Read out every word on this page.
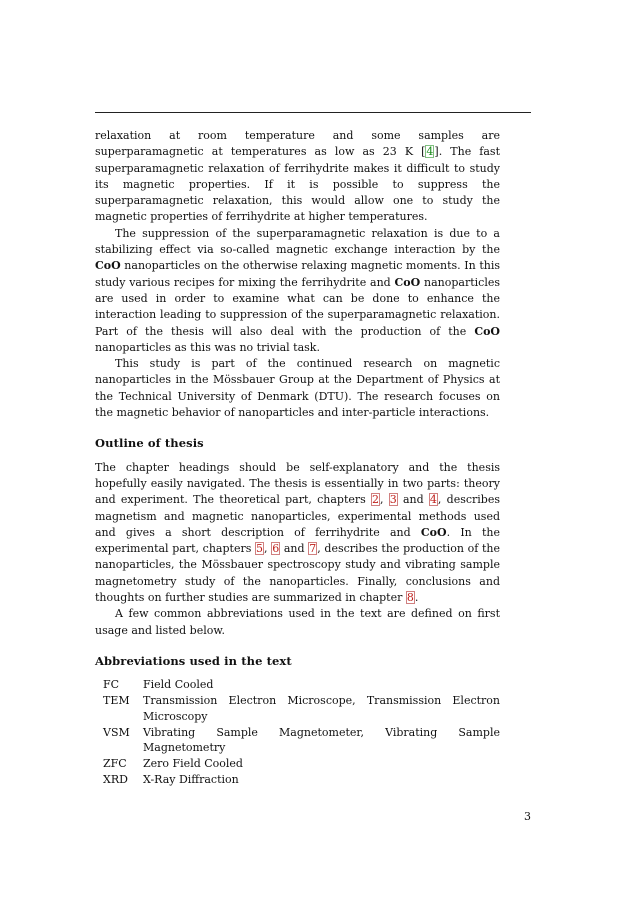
relaxation at room temperature and some samples are superparamagnetic at temperatures as low as 23 K [4]. The fast superparamagnetic relaxation of ferrihydrite makes it difficult to study its magnetic properties. If it is possible to suppress the superparamagnetic relaxation, this would allow one to study the magnetic properties of ferrihydrite at higher temperatures.

The suppression of the superparamagnetic relaxation is due to a stabilizing effect via so-called magnetic exchange interaction by the CoO nanoparticles on the otherwise relaxing magnetic moments. In this study various recipes for mixing the ferrihydrite and CoO nanoparticles are used in order to examine what can be done to enhance the interaction leading to suppression of the superparamagnetic relaxation. Part of the thesis will also deal with the production of the CoO nanoparticles as this was no trivial task.

This study is part of the continued research on magnetic nanoparticles in the Mössbauer Group at the Department of Physics at the Technical University of Denmark (DTU). The research focuses on the magnetic behavior of nanoparticles and inter-particle interactions.

Outline of thesis

The chapter headings should be self-explanatory and the thesis hopefully easily navigated. The thesis is essentially in two parts: theory and experiment. The theoretical part, chapters 2, 3 and 4, describes magnetism and magnetic nanoparticles, experimental methods used and gives a short description of ferrihydrite and CoO. In the experimental part, chapters 5, 6 and 7, describes the production of the nanoparticles, the Mössbauer spectroscopy study and vibrating sample magnetometry study of the nanoparticles. Finally, conclusions and thoughts on further studies are summarized in chapter 8.

A few common abbreviations used in the text are defined on first usage and listed below.

Abbreviations used in the text
FC	Field Cooled
TEM	Transmission Electron Microscope, Transmission Electron Microscopy
VSM	Vibrating Sample Magnetometer, Vibrating Sample Magnetometry
ZFC	Zero Field Cooled
XRD	X-Ray Diffraction
3
